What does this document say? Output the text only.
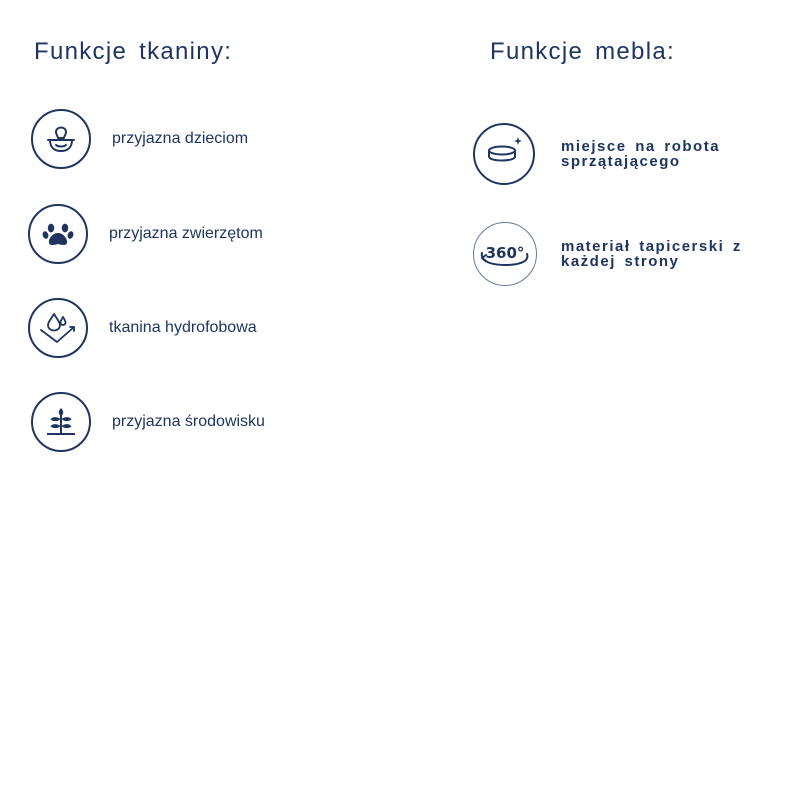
Funkcje tkaniny:
przyjazna dzieciom
przyjazna zwierzętom
tkanina hydrofobowa
przyjazna środowisku
Funkcje mebla:
miejsce na robota
sprzątającego
360° materiał tapicerski z
każdej strony
